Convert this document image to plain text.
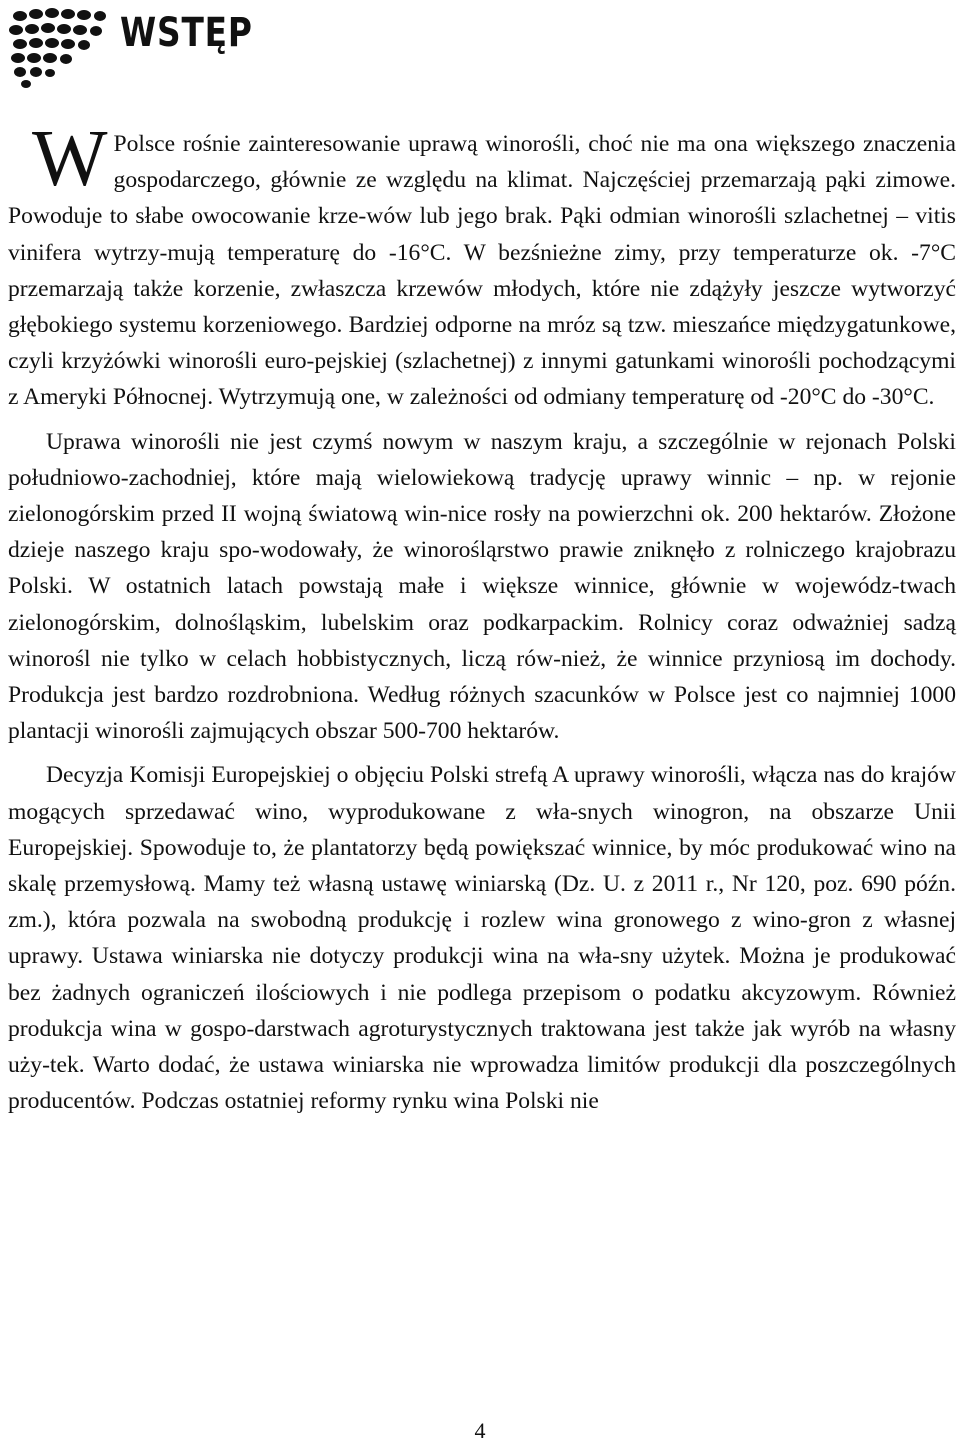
WSTĘP

W Polsce rośnie zainteresowanie uprawą winorośli, choć nie ma ona większego znaczenia gospodarczego, głównie ze względu na klimat. Najczęściej przemarzają pąki zimowe. Powoduje to słabe owocowanie krze-wów lub jego brak. Pąki odmian winorośli szlachetnej – vitis vinifera wytrzy-mują temperaturę do -16°C. W bezśnieżne zimy, przy temperaturze ok. -7°C przemarzają także korzenie, zwłaszcza krzewów młodych, które nie zdążyły jeszcze wytworzyć głębokiego systemu korzeniowego. Bardziej odporne na mróz są tzw. mieszańce międzygatunkowe, czyli krzyżówki winorośli euro-pejskiej (szlachetnej) z innymi gatunkami winorośli pochodzącymi z Ameryki Północnej. Wytrzymują one, w zależności od odmiany temperaturę od -20°C do -30°C.

Uprawa winorośli nie jest czymś nowym w naszym kraju, a szczególnie w rejonach Polski południowo-zachodniej, które mają wielowiekową tradycję uprawy winnic – np. w rejonie zielonogórskim przed II wojną światową win-nice rosły na powierzchni ok. 200 hektarów. Złożone dzieje naszego kraju spo-wodowały, że winorośląrstwo prawie zniknęło z rolniczego krajobrazu Polski. W ostatnich latach powstają małe i większe winnice, głównie w wojewódz-twach zielonogórskim, dolnośląskim, lubelskim oraz podkarpackim. Rolnicy coraz odważniej sadzą winorośl nie tylko w celach hobbistycznych, liczą rów-nież, że winnice przyniosą im dochody. Produkcja jest bardzo rozdrobniona. Według różnych szacunków w Polsce jest co najmniej 1000 plantacji winorośli zajmujących obszar 500-700 hektarów.

Decyzja Komisji Europejskiej o objęciu Polski strefą A uprawy winorośli, włącza nas do krajów mogących sprzedawać wino, wyprodukowane z wła-snych winogron, na obszarze Unii Europejskiej. Spowoduje to, że plantatorzy będą powiększać winnice, by móc produkować wino na skalę przemysłową. Mamy też własną ustawę winiarską (Dz. U. z 2011 r., Nr 120, poz. 690 późn. zm.), która pozwala na swobodną produkcję i rozlew wina gronowego z wino-gron z własnej uprawy. Ustawa winiarska nie dotyczy produkcji wina na wła-sny użytek. Można je produkować bez żadnych ograniczeń ilościowych i nie podlega przepisom o podatku akcyzowym. Również produkcja wina w gospo-darstwach agroturystycznych traktowana jest także jak wyrób na własny uży-tek. Warto dodać, że ustawa winiarska nie wprowadza limitów produkcji dla poszczególnych producentów. Podczas ostatniej reformy rynku wina Polski nie

4
